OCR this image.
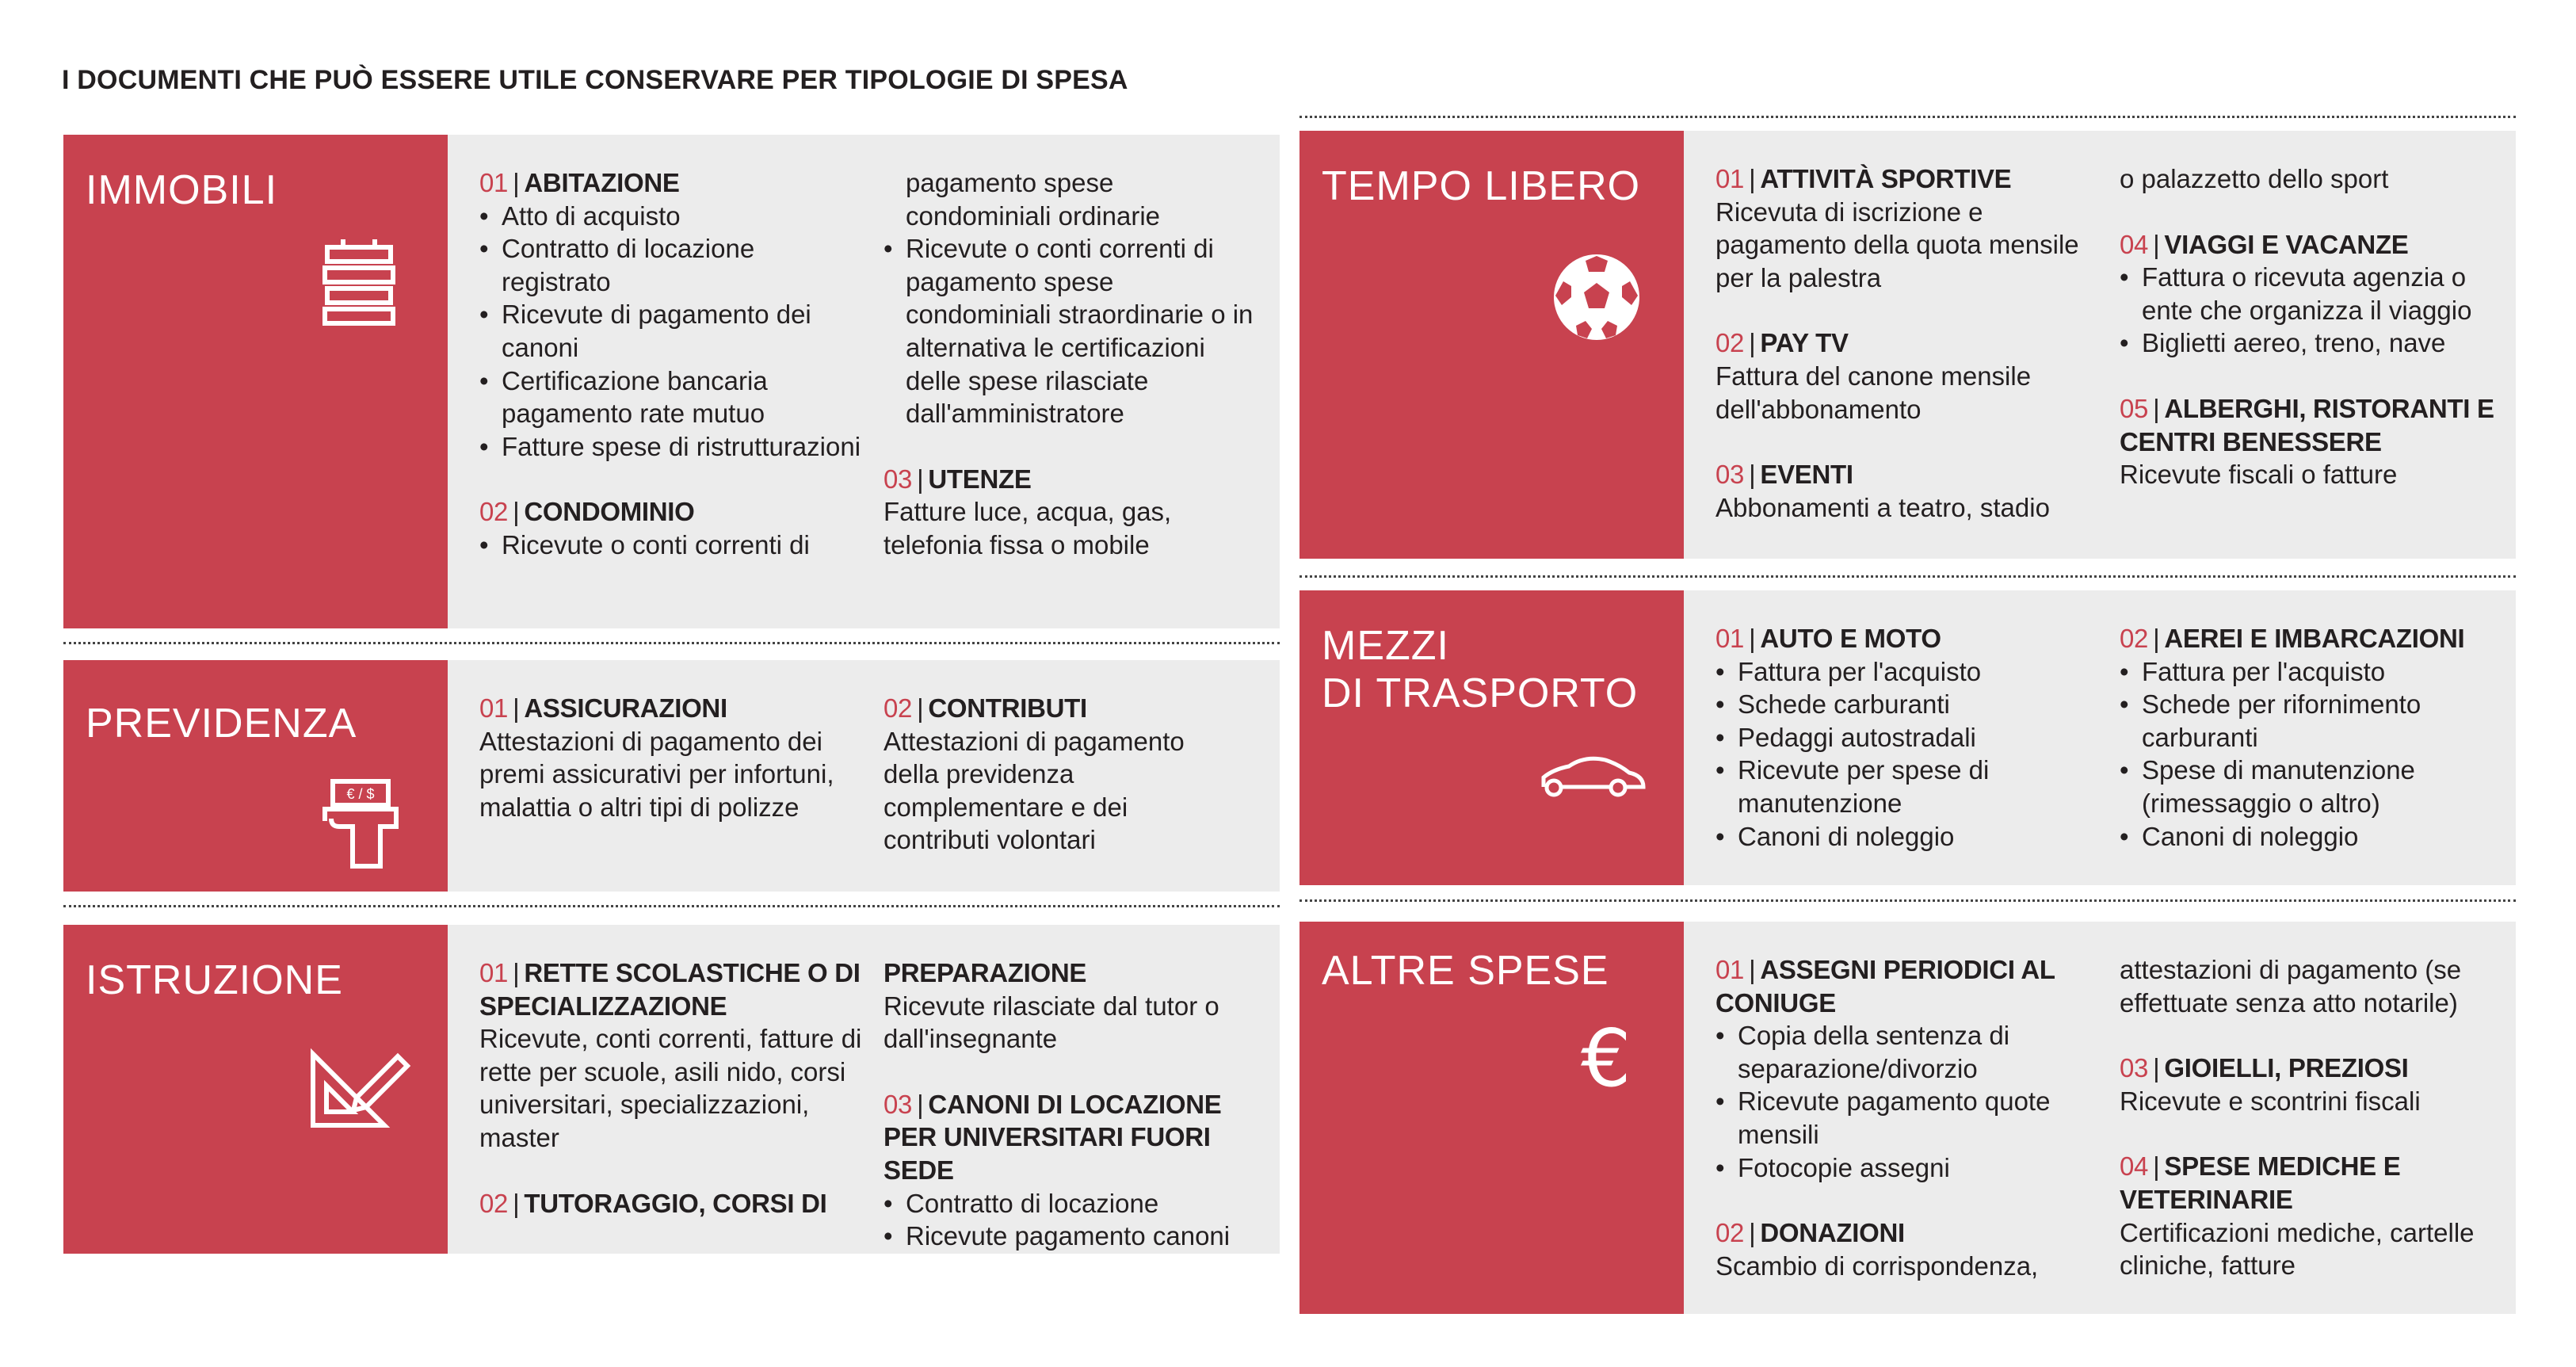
I DOCUMENTI CHE PUÒ ESSERE UTILE CONSERVARE PER TIPOLOGIE DI SPESA
IMMOBILI	01 | ABITAZIONE
• Atto di acquisto
• Contratto di locazione registrato
• Ricevute di pagamento dei canoni
• Certificazione bancaria pagamento rate mutuo
• Fatture spese di ristrutturazioni
02 | CONDOMINIO
• Ricevute o conti correnti di
pagamento spese condominiali ordinarie
• Ricevute o conti correnti di pagamento spese condominiali straordinarie o in alternativa le certificazioni delle spese rilasciate dall'amministratore
03 | UTENZE

Fatture luce, acqua, gas, telefonia fissa o mobile

PREVIDENZA
€ / $
01 | ASSICURAZIONI

Attestazioni di pagamento dei premi assicurativi per infortuni, malattia o altri tipi di polizze

02 | CONTRIBUTI

Attestazioni di pagamento della previdenza complementare e dei contributi volontari

ISTRUZIONE	01 | RETTE SCOLASTICHE O DI SPECIALIZZAZIONE

Ricevute, conti correnti, fatture di rette per scuole, asili nido, corsi universitari, specializzazioni, master

02 | TUTORAGGIO, CORSI DI
PREPARAZIONE

Ricevute rilasciate dal tutor o dall'insegnante

03 | CANONI DI LOCAZIONE PER UNIVERSITARI FUORI SEDE
• Contratto di locazione
• Ricevute pagamento canoni
TEMPO LIBERO	01 | ATTIVITÀ SPORTIVE

Ricevuta di iscrizione e pagamento della quota mensile per la palestra

02 | PAY TV

Fattura del canone mensile dell'abbonamento

03 | EVENTI

Abbonamenti a teatro, stadio

o palazzetto dello sport

04 | VIAGGI E VACANZE
• Fattura o ricevuta agenzia o ente che organizza il viaggio
• Biglietti aereo, treno, nave
05 | ALBERGHI, RISTORANTI E CENTRI BENESSERE

Ricevute fiscali o fatture

MEZZI
DI TRASPORTO
01 | AUTO E MOTO
• Fattura per l'acquisto
• Schede carburanti
• Pedaggi autostradali
• Ricevute per spese di manutenzione
• Canoni di noleggio
02 | AEREI E IMBARCAZIONI
• Fattura per l'acquisto
• Schede per rifornimento carburanti
• Spese di manutenzione (rimessaggio o altro)
• Canoni di noleggio
ALTRE SPESE
€
01 | ASSEGNI PERIODICI AL CONIUGE
• Copia della sentenza di separazione/divorzio
• Ricevute pagamento quote mensili
• Fotocopie assegni
02 | DONAZIONI

Scambio di corrispondenza,

attestazioni di pagamento (se effettuate senza atto notarile)

03 | GIOIELLI, PREZIOSI

Ricevute e scontrini fiscali

04 | SPESE MEDICHE E VETERINARIE

Certificazioni mediche, cartelle cliniche, fatture
